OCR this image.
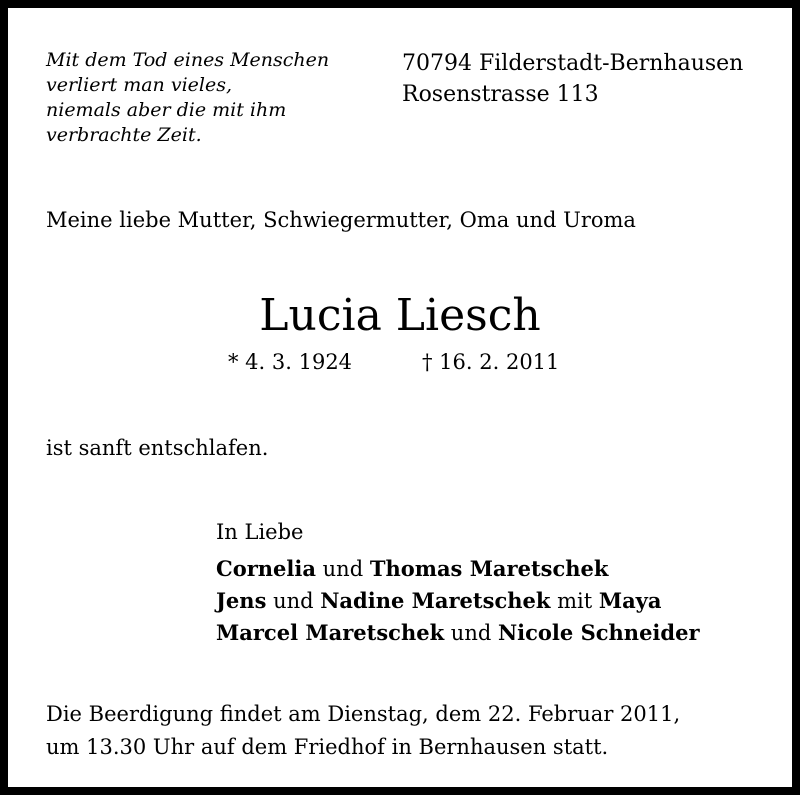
Mit dem Tod eines Menschen
verliert man vieles,
niemals aber die mit ihm
verbrachte Zeit.
70794 Filderstadt-Bernhausen
Rosenstrasse 113
Meine liebe Mutter, Schwiegermutter, Oma und Uroma
Lucia Liesch
* 4. 3. 1924	† 16. 2. 2011
ist sanft entschlafen.
In Liebe
Cornelia und Thomas Maretschek
Jens und Nadine Maretschek mit Maya
Marcel Maretschek und Nicole Schneider
Die Beerdigung findet am Dienstag, dem 22. Februar 2011,
um 13.30 Uhr auf dem Friedhof in Bernhausen statt.
